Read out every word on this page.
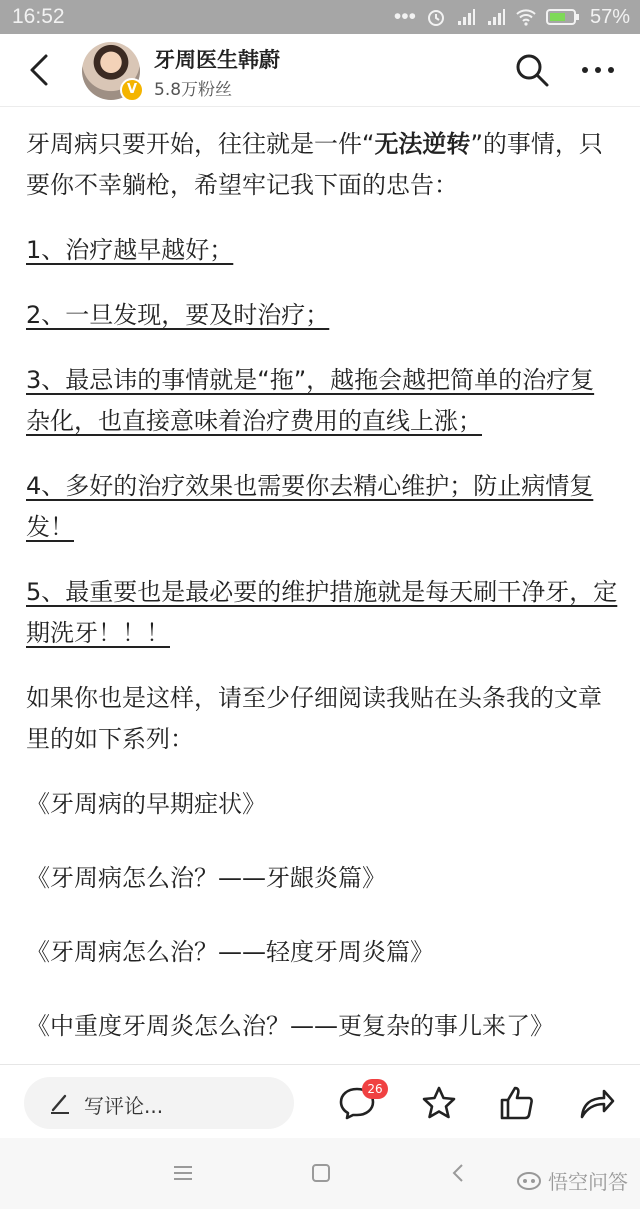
16:52	•••	57%
V
牙周医生韩蔚
5.8万粉丝

牙周病只要开始，往往就是一件“无法逆转”的事情，只要你不幸躺枪，希望牢记我下面的忠告：

1、治疗越早越好；

2、一旦发现，要及时治疗；

3、最忌讳的事情就是“拖”，越拖会越把简单的治疗复杂化，也直接意味着治疗费用的直线上涨；

4、多好的治疗效果也需要你去精心维护；防止病情复发！

5、最重要也是最必要的维护措施就是每天刷干净牙，定期洗牙！！！

如果你也是这样，请至少仔细阅读我贴在头条我的文章里的如下系列：

《牙周病的早期症状》

《牙周病怎么治？——牙龈炎篇》

《牙周病怎么治？——轻度牙周炎篇》

《中重度牙周炎怎么治？——更复杂的事儿来了》

写评论...
26
悟空问答
